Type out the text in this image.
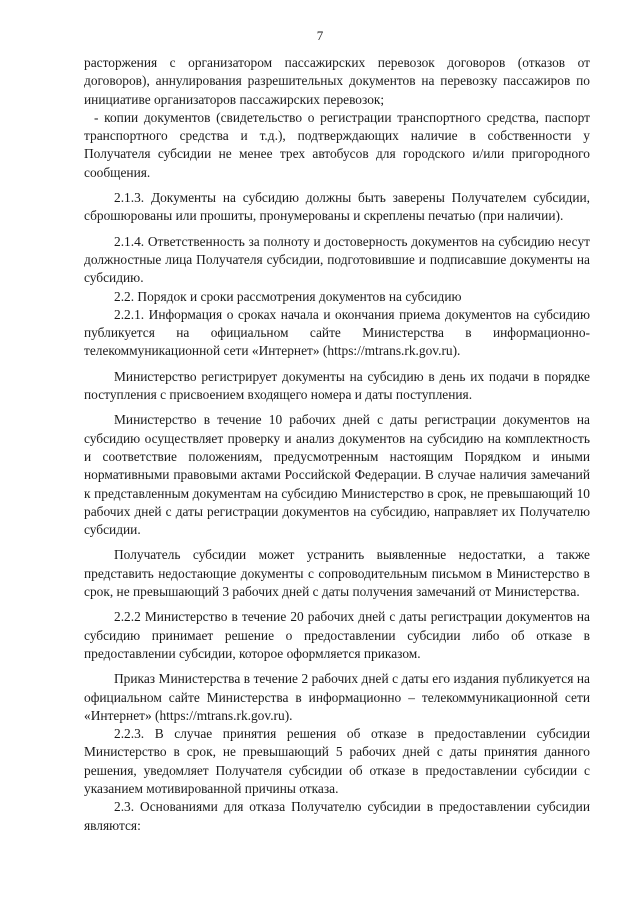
7

расторжения с организатором пассажирских перевозок договоров (отказов от договоров), аннулирования разрешительных документов на перевозку пассажиров по инициативе организаторов пассажирских перевозок;

- копии документов (свидетельство о регистрации транспортного средства, паспорт транспортного средства и т.д.), подтверждающих наличие в собственности у Получателя субсидии не менее трех автобусов для городского и/или пригородного сообщения.

2.1.3. Документы на субсидию должны быть заверены Получателем субсидии, сброшюрованы или прошиты, пронумерованы и скреплены печатью (при наличии).

2.1.4. Ответственность за полноту и достоверность документов на субсидию несут должностные лица Получателя субсидии, подготовившие и подписавшие документы на субсидию.

2.2. Порядок и сроки рассмотрения документов на субсидию

2.2.1. Информация о сроках начала и окончания приема документов на субсидию публикуется на официальном сайте Министерства в информационно-телекоммуникационной сети «Интернет» (https://mtrans.rk.gov.ru).

Министерство регистрирует документы на субсидию в день их подачи в порядке поступления с присвоением входящего номера и даты поступления.

Министерство в течение 10 рабочих дней с даты регистрации документов на субсидию осуществляет проверку и анализ документов на субсидию на комплектность и соответствие положениям, предусмотренным настоящим Порядком и иными нормативными правовыми актами Российской Федерации. В случае наличия замечаний к представленным документам на субсидию Министерство в срок, не превышающий 10 рабочих дней с даты регистрации документов на субсидию, направляет их Получателю субсидии.

Получатель субсидии может устранить выявленные недостатки, а также представить недостающие документы с сопроводительным письмом в Министерство в срок, не превышающий 3 рабочих дней с даты получения замечаний от Министерства.

2.2.2 Министерство в течение 20 рабочих дней с даты регистрации документов на субсидию принимает решение о предоставлении субсидии либо об отказе в предоставлении субсидии, которое оформляется приказом.

Приказ Министерства в течение 2 рабочих дней с даты его издания публикуется на официальном сайте Министерства в информационно – телекоммуникационной сети «Интернет» (https://mtrans.rk.gov.ru).

2.2.3. В случае принятия решения об отказе в предоставлении субсидии Министерство в срок, не превышающий 5 рабочих дней с даты принятия данного решения, уведомляет Получателя субсидии об отказе в предоставлении субсидии с указанием мотивированной причины отказа.

2.3. Основаниями для отказа Получателю субсидии в предоставлении субсидии являются:
